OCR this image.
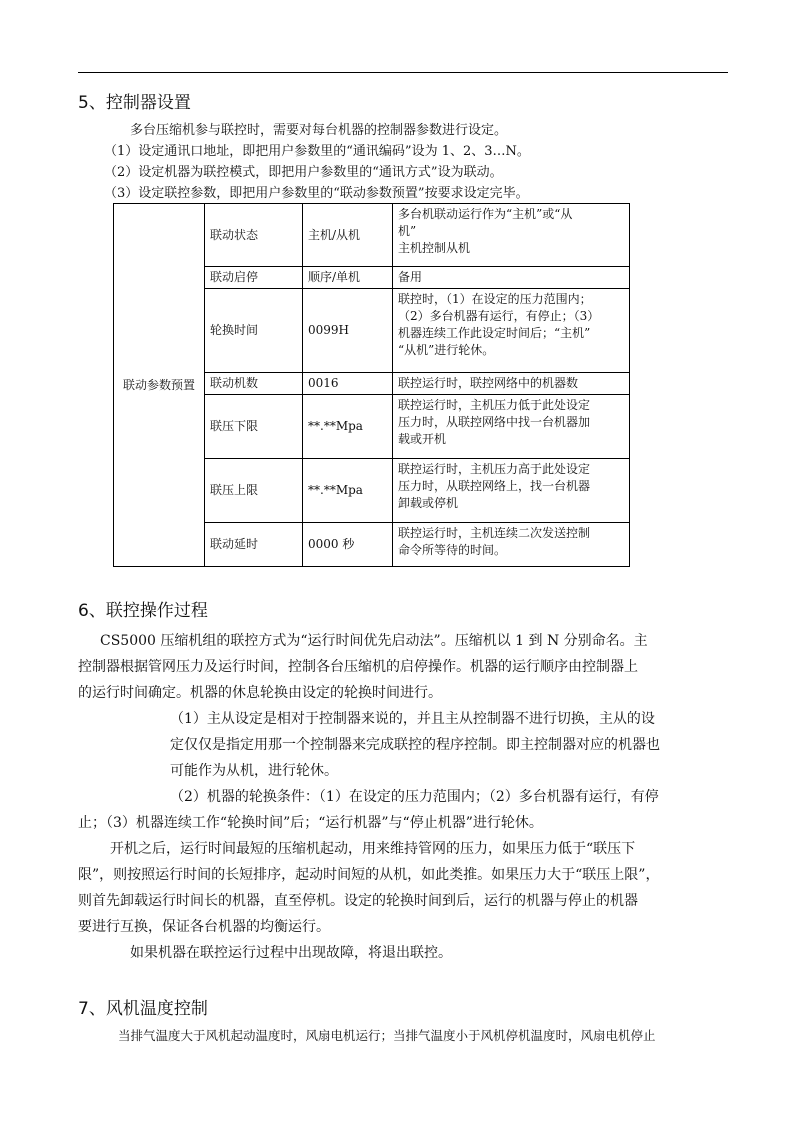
5、控制器设置
多台压缩机参与联控时，需要对每台机器的控制器参数进行设定。
（1）设定通讯口地址，即把用户参数里的“通讯编码”设为 1、2、3…N。
（2）设定机器为联控模式，即把用户参数里的“通讯方式”设为联动。
（3）设定联控参数，即把用户参数里的“联动参数预置”按要求设定完毕。
联动参数预置	联动状态	主机/从机	多台机联动运行作为“主机”或“从
机”
主机控制从机

	联动启停	顺序/单机	备用

	轮换时间	0099H	联控时，（1）在设定的压力范围内；
（2）多台机器有运行，有停止；（3）
机器连续工作此设定时间后；“主机”
“从机”进行轮休。

	联动机数	0016	联控运行时，联控网络中的机器数

	联压下限	**.**Mpa	联控运行时，主机压力低于此处设定
压力时，从联控网络中找一台机器加
载或开机

	联压上限	**.**Mpa	联控运行时，主机压力高于此处设定
压力时，从联控网络上，找一台机器
卸载或停机

	联动延时	0000 秒	联控运行时，主机连续二次发送控制
命令所等待的时间。
6、联控操作过程
CS5000 压缩机组的联控方式为“运行时间优先启动法”。压缩机以 1 到 N 分别命名。主
控制器根据管网压力及运行时间，控制各台压缩机的启停操作。机器的运行顺序由控制器上
的运行时间确定。机器的休息轮换由设定的轮换时间进行。
（1）主从设定是相对于控制器来说的，并且主从控制器不进行切换，主从的设
定仅仅是指定用那一个控制器来完成联控的程序控制。即主控制器对应的机器也
可能作为从机，进行轮休。
（2）机器的轮换条件：（1）在设定的压力范围内；（2）多台机器有运行，有停
止；（3）机器连续工作“轮换时间”后；“运行机器”与“停止机器”进行轮休。
开机之后，运行时间最短的压缩机起动，用来维持管网的压力，如果压力低于“联压下
限”，则按照运行时间的长短排序，起动时间短的从机，如此类推。如果压力大于“联压上限”，
则首先卸载运行时间长的机器，直至停机。设定的轮换时间到后，运行的机器与停止的机器
要进行互换，保证各台机器的均衡运行。
如果机器在联控运行过程中出现故障，将退出联控。
7、风机温度控制
当排气温度大于风机起动温度时，风扇电机运行；当排气温度小于风机停机温度时，风扇电机停止
